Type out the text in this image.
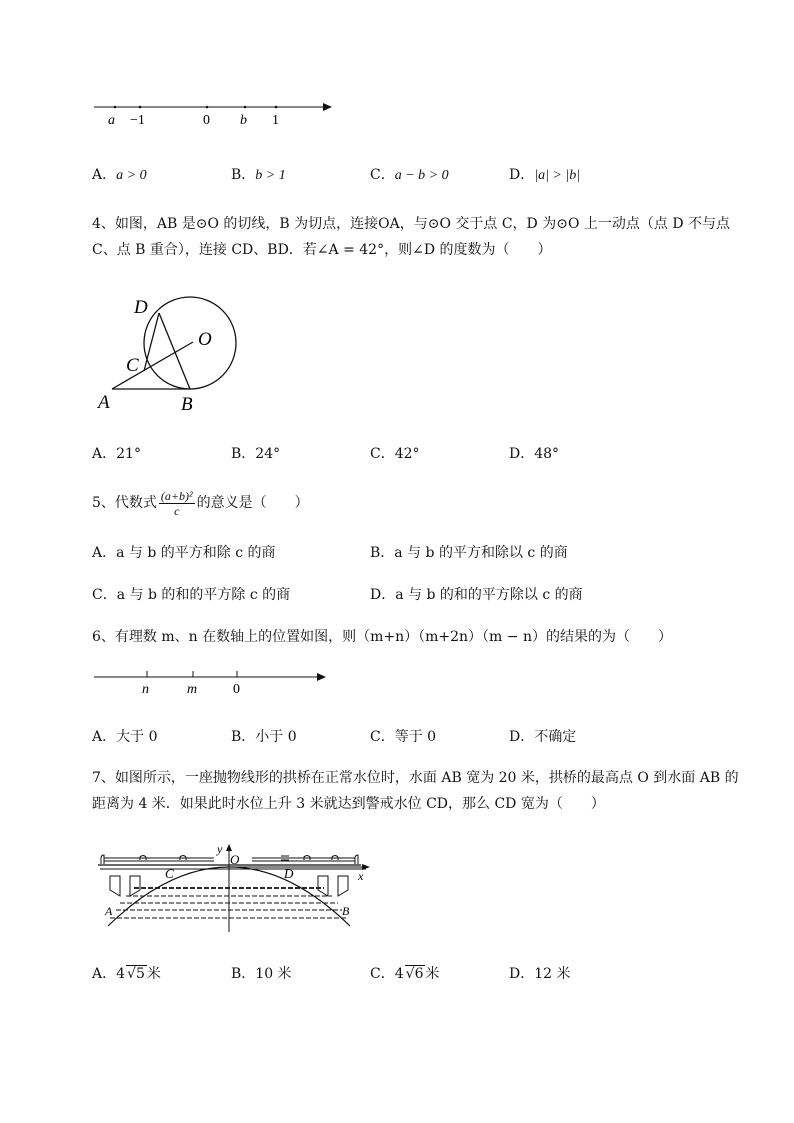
a −1	0 b 1
A．a > 0	B．b > 1	C．a − b > 0	D．|a| > |b|
4、如图，AB 是⊙O 的切线，B 为切点，连接OA，与⊙O 交于点 C，D 为⊙O 上一动点（点 D 不与点
C、点 B 重合），连接 CD、BD．若∠A = 42°，则∠D 的度数为（　　）
D
O
C
A	B
A．21°	B．24°	C．42°	D．48°
5、代数式 $\frac{\text{(a+b)²}}{c}$ 的意义是（　　）
A．a 与 b 的平方和除 c 的商	B．a 与 b 的平方和除以 c 的商
C．a 与 b 的和的平方除 c 的商	D．a 与 b 的和的平方除以 c 的商
6、有理数 m、n 在数轴上的位置如图，则（m+n）（m+2n）（m − n）的结果的为（　　）
n	m	0
A．大于 0	B．小于 0	C．等于 0	D．不确定
7、如图所示，一座抛物线形的拱桥在正常水位时，水面 AB 宽为 20 米，拱桥的最高点 O 到水面 AB 的
距离为 4 米．如果此时水位上升 3 米就达到警戒水位 CD，那么 CD 宽为（　　）
y
O
x
C	D
A	B
A．4 √5 米	B．10 米	C．4 √6 米	D．12 米
